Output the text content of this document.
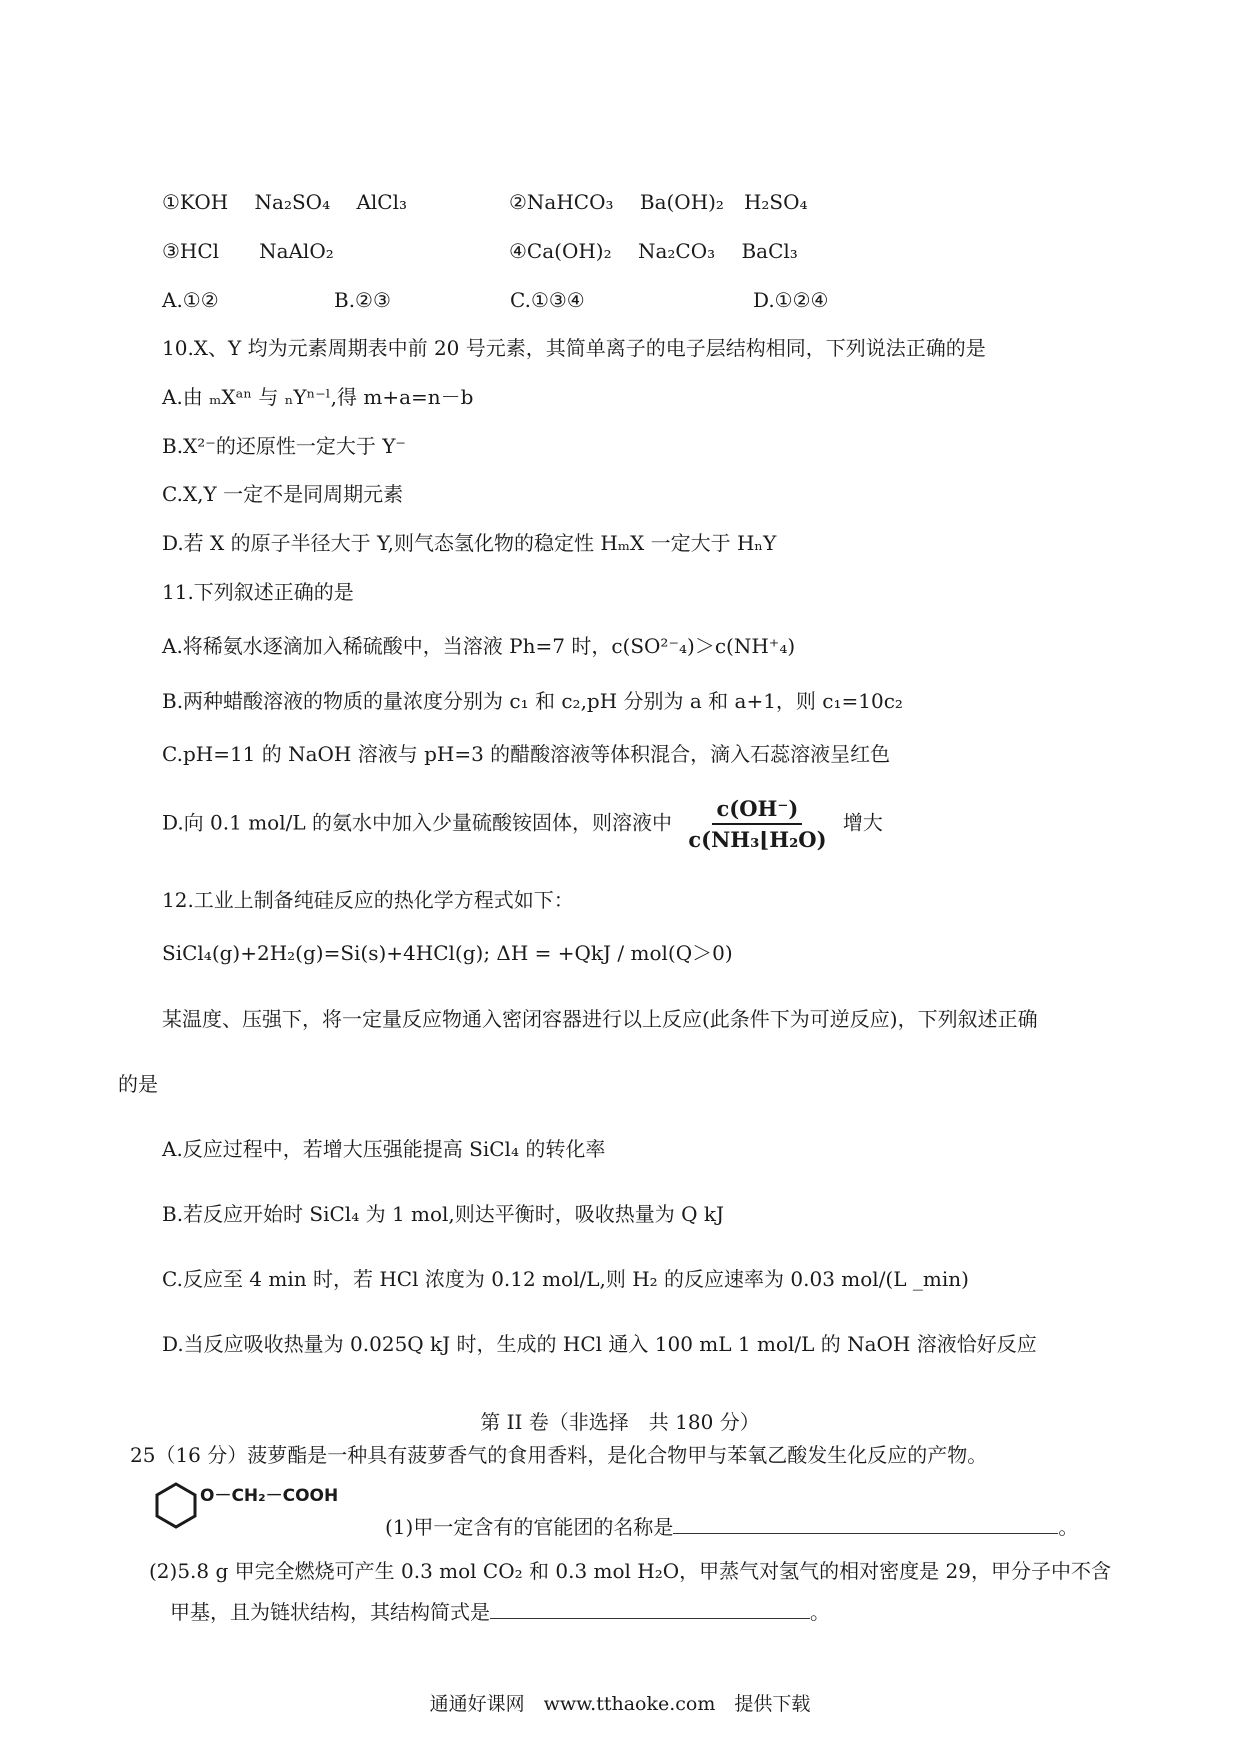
①KOH　 Na₂SO₄　 AlCl₃	②NaHCO₃　 Ba(OH)₂　H₂SO₄
③HCl　　NaAlO₂	④Ca(OH)₂　 Na₂CO₃　 BaCl₃
A.①②	B.②③	C.①③④	D.①②④
10.X、Y 均为元素周期表中前 20 号元素，其简单离子的电子层结构相同，下列说法正确的是
A.由 ₘXᵃⁿ 与 ₙYⁿ⁻ˡ,得 m+a=n－b
B.X²⁻的还原性一定大于 Y⁻
C.X,Y 一定不是同周期元素
D.若 X 的原子半径大于 Y,则气态氢化物的稳定性 HₘX 一定大于 HₙY
11.下列叙述正确的是
A.将稀氨水逐滴加入稀硫酸中，当溶液 Ph=7 时，c(SO²⁻₄)＞c(NH⁺₄)
B.两种蜡酸溶液的物质的量浓度分别为 c₁ 和 c₂,pH 分别为 a 和 a+1，则 c₁=10c₂
C.pH=11 的 NaOH 溶液与 pH=3 的醋酸溶液等体积混合，滴入石蕊溶液呈红色
D.向 0.1 mol/L 的氨水中加入少量硫酸铵固体，则溶液中 $\frac{c(OH^-)}{\text{c(NH₃⌊H₂O)}}$ 增大
12.工业上制备纯硅反应的热化学方程式如下：
SiCl₄(g)+2H₂(g)=Si(s)+4HCl(g); ΔH = +QkJ / mol(Q＞0)
某温度、压强下，将一定量反应物通入密闭容器进行以上反应(此条件下为可逆反应)，下列叙述正确
的是
A.反应过程中，若增大压强能提高 SiCl₄ 的转化率
B.若反应开始时 SiCl₄ 为 1 mol,则达平衡时，吸收热量为 Q kJ
C.反应至 4 min 时，若 HCl 浓度为 0.12 mol/L,则 H₂ 的反应速率为 0.03 mol/(L _min)
D.当反应吸收热量为 0.025Q kJ 时，生成的 HCl 通入 100 mL 1 mol/L 的 NaOH 溶液恰好反应
第 II 卷（非选择　共 180 分）
25（16 分）菠萝酯是一种具有菠萝香气的食用香料，是化合物甲与苯氧乙酸发生化反应的产物。
O－CH₂－COOH
(1)甲一定含有的官能团的名称是	。
(2)5.8 g 甲完全燃烧可产生 0.3 mol CO₂ 和 0.3 mol H₂O，甲蒸气对氢气的相对密度是 29，甲分子中不含
甲基，且为链状结构，其结构简式是	。
通通好课网　www.tthaoke.com　提供下载
